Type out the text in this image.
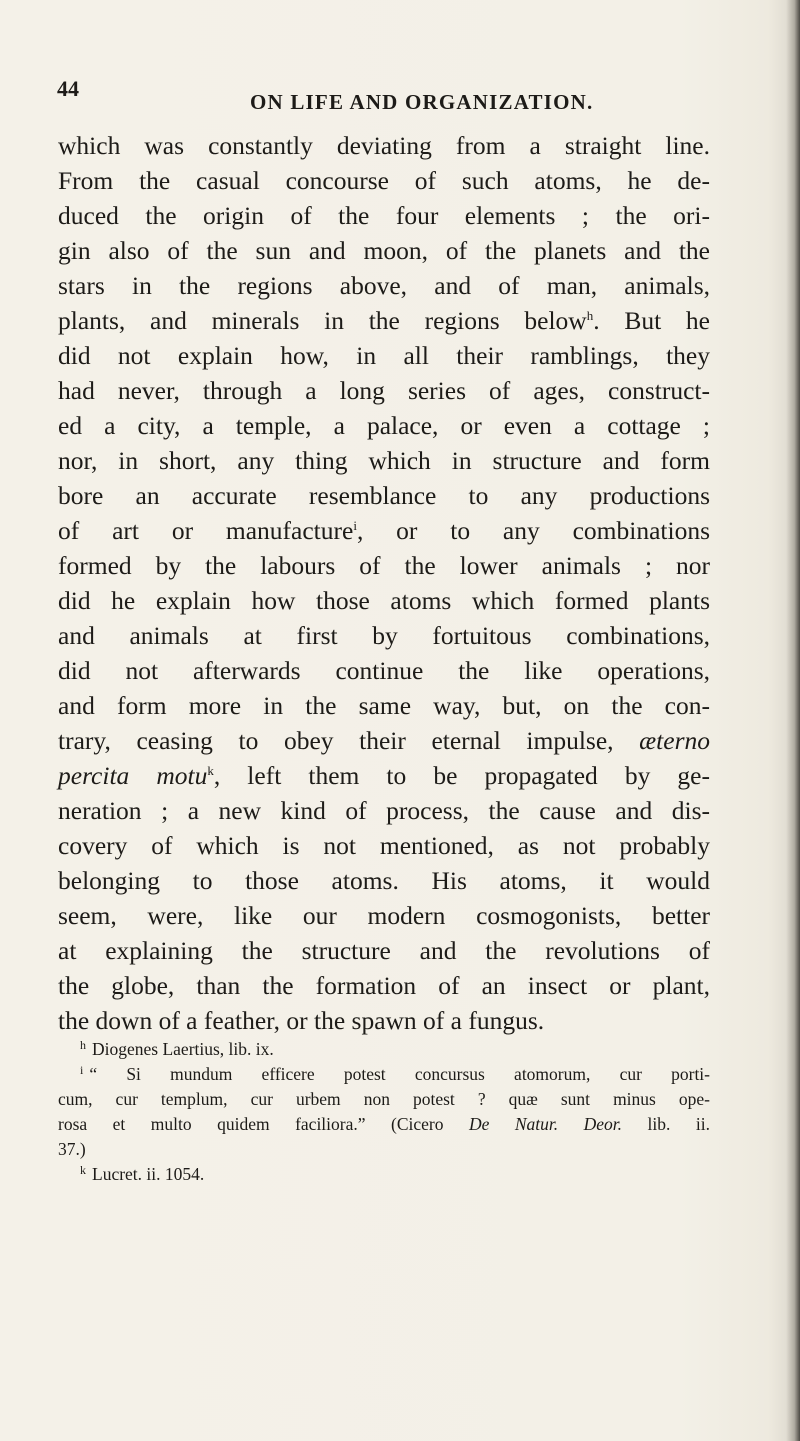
44
ON LIFE AND ORGANIZATION.
which was constantly deviating from a straight line.
From the casual concourse of such atoms, he de-
duced the origin of the four elements ; the ori-
gin also of the sun and moon, of the planets and the
stars in the regions above, and of man, animals,
plants, and minerals in the regions below$^h$. But he
did not explain how, in all their ramblings, they
had never, through a long series of ages, construct-
ed a city, a temple, a palace, or even a cottage ;
nor, in short, any thing which in structure and form
bore an accurate resemblance to any productions
of art or manufacture$^i$, or to any combinations
formed by the labours of the lower animals ; nor
did he explain how those atoms which formed plants
and animals at first by fortuitous combinations,
did not afterwards continue the like operations,
and form more in the same way, but, on the con-
trary, ceasing to obey their eternal impulse, æterno
percita motu$^k$, left them to be propagated by ge-
neration ; a new kind of process, the cause and dis-
covery of which is not mentioned, as not probably
belonging to those atoms. His atoms, it would
seem, were, like our modern cosmogonists, better
at explaining the structure and the revolutions of
the globe, than the formation of an insect or plant,
the down of a feather, or the spawn of a fungus.
$^h$ Diogenes Laertius, lib. ix.
$^i$ “ Si mundum efficere potest concursus atomorum, cur porti-
cum, cur templum, cur urbem non potest ? quæ sunt minus ope-
rosa et multo quidem faciliora.” (Cicero De Natur. Deor. lib. ii.
37.)
$^k$ Lucret. ii. 1054.
